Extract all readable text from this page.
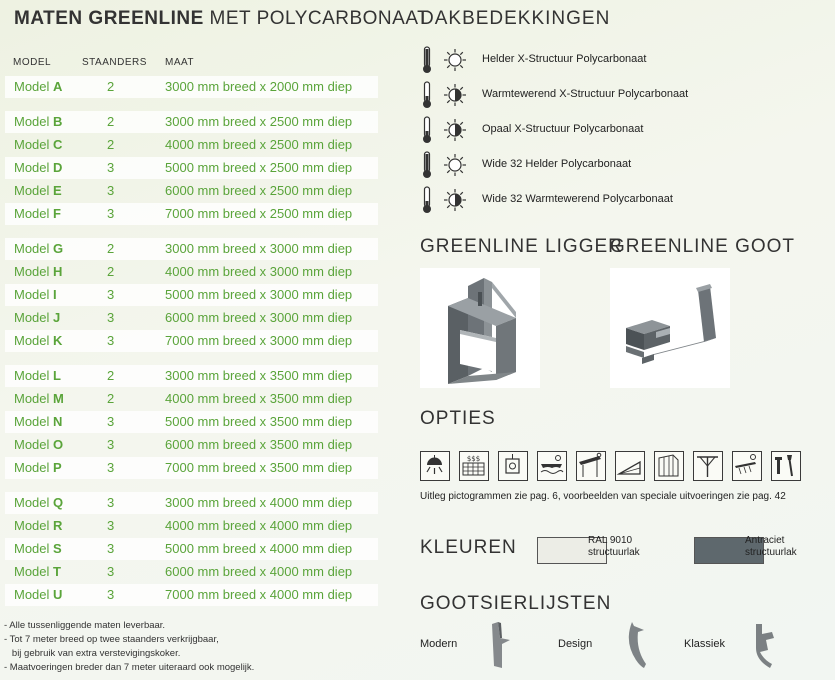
MATEN GREENLINE MET POLYCARBONAAT
MODEL	STAANDERS MAAT
Model A	2	3000 mm breed x 2000 mm diep
Model B	2	3000 mm breed x 2500 mm diep
Model C	2	4000 mm breed x 2500 mm diep
Model D	3	5000 mm breed x 2500 mm diep
Model E	3	6000 mm breed x 2500 mm diep
Model F	3	7000 mm breed x 2500 mm diep
Model G	2	3000 mm breed x 3000 mm diep
Model H	2	4000 mm breed x 3000 mm diep
Model I	3	5000 mm breed x 3000 mm diep
Model J	3	6000 mm breed x 3000 mm diep
Model K	3	7000 mm breed x 3000 mm diep
Model L	2	3000 mm breed x 3500 mm diep
Model M	2	4000 mm breed x 3500 mm diep
Model N	3	5000 mm breed x 3500 mm diep
Model O	3	6000 mm breed x 3500 mm diep
Model P	3	7000 mm breed x 3500 mm diep
Model Q	3	3000 mm breed x 4000 mm diep
Model R	3	4000 mm breed x 4000 mm diep
Model S	3	5000 mm breed x 4000 mm diep
Model T	3	6000 mm breed x 4000 mm diep
Model U	3	7000 mm breed x 4000 mm diep
- Alle tussenliggende maten leverbaar.
- Tot 7 meter breed op twee staanders verkrijgbaar,
bij gebruik van extra verstevigingskoker.
- Maatvoeringen breder dan 7 meter uiteraard ook mogelijk.
DAKBEDEKKINGEN
Helder X-Structuur Polycarbonaat
Warmtewerend X-Structuur Polycarbonaat
Opaal X-Structuur Polycarbonaat
Wide 32 Helder Polycarbonaat
Wide 32 Warmtewerend Polycarbonaat
GREENLINE LIGGER
GREENLINE GOOT
OPTIES
$$$
Uitleg pictogrammen zie pag. 6, voorbeelden van speciale uitvoeringen zie pag. 42
KLEUREN	RAL 9010
structuurlak
Antraciet
structuurlak
GOOTSIERLIJSTEN
Modern	Design	Klassiek
